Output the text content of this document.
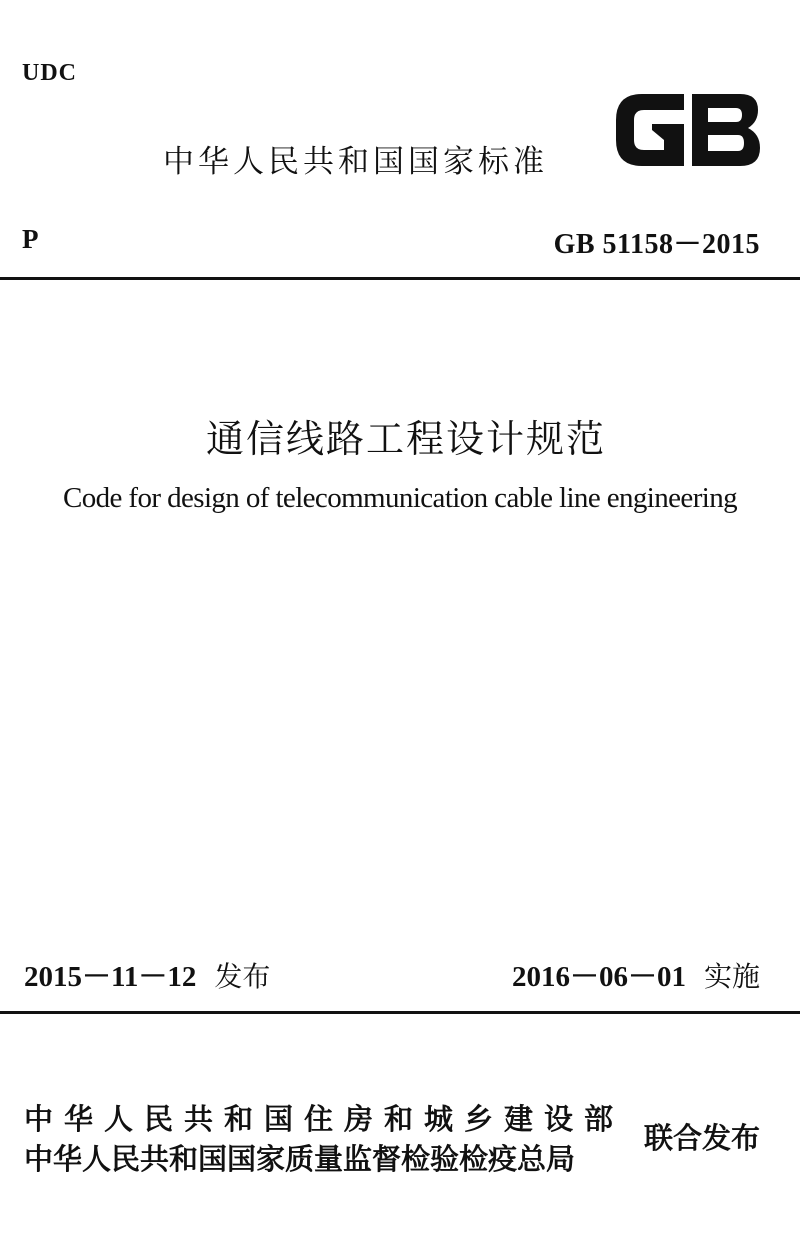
UDC
中华人民共和国国家标准
P	GB 51158－2015
通信线路工程设计规范
Code for design of telecommunication cable line engineering
2015－11－12 发布	2016－06－01 实施
中华人民共和国住房和城乡建设部
中华人民共和国国家质量监督检验检疫总局
联合发布
